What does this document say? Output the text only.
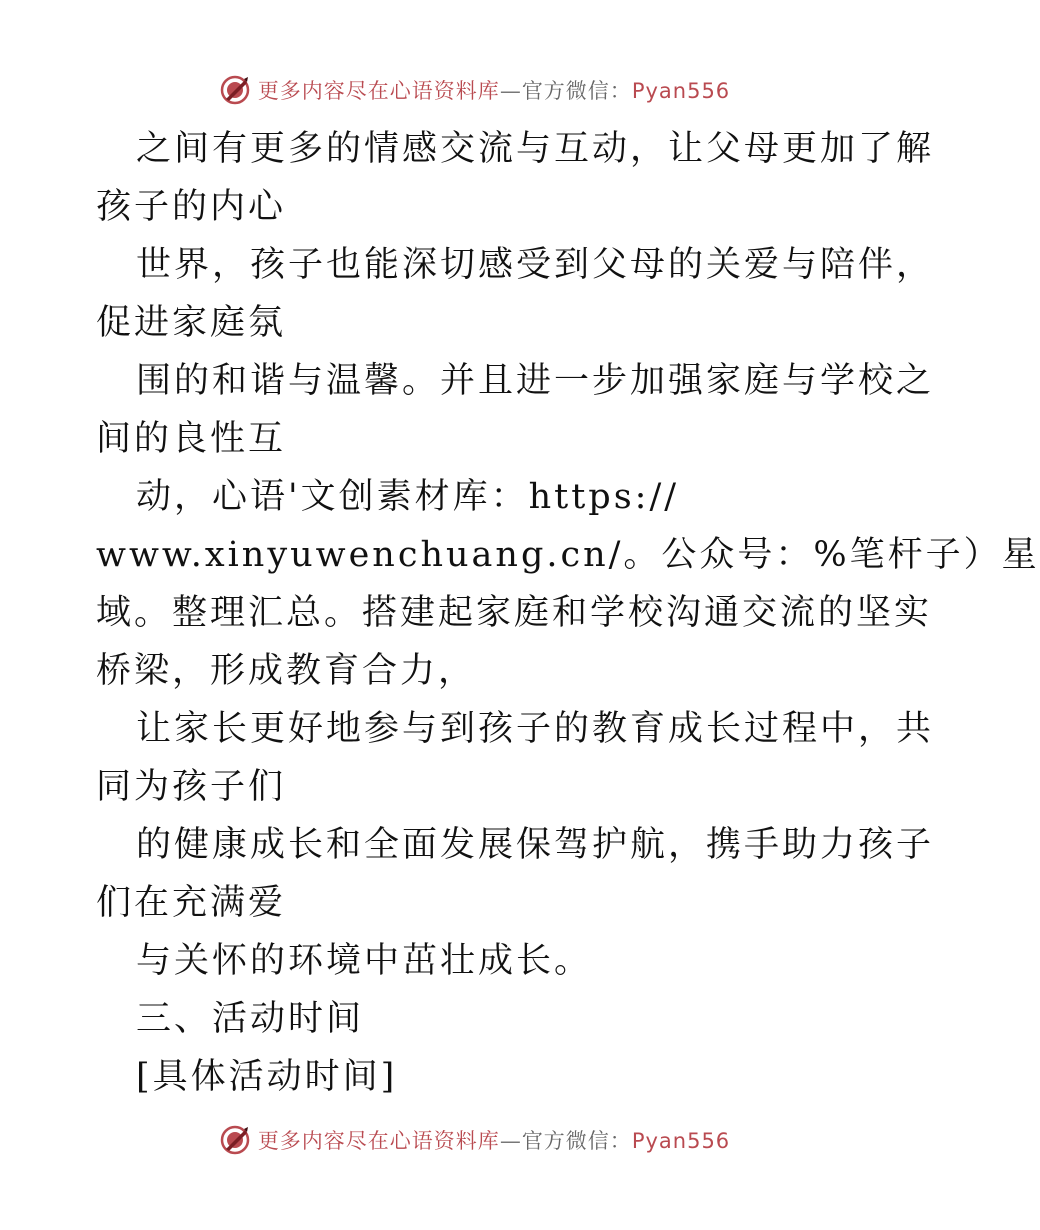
更多内容尽在心语资料库—官方微信：Pyan556
之间有更多的情感交流与互动，让父母更加了解
孩子的内心
世界，孩子也能深切感受到父母的关爱与陪伴，
促进家庭氛
围的和谐与温馨。并且进一步加强家庭与学校之
间的良性互
动，心语'文创素材库：https://
www.xinyuwenchuang.cn/。公众号：%笔杆子）星
域。整理汇总。搭建起家庭和学校沟通交流的坚实
桥梁，形成教育合力，
让家长更好地参与到孩子的教育成长过程中，共
同为孩子们
的健康成长和全面发展保驾护航，携手助力孩子
们在充满爱
与关怀的环境中茁壮成长。
三、活动时间
[具体活动时间]
更多内容尽在心语资料库—官方微信：Pyan556
